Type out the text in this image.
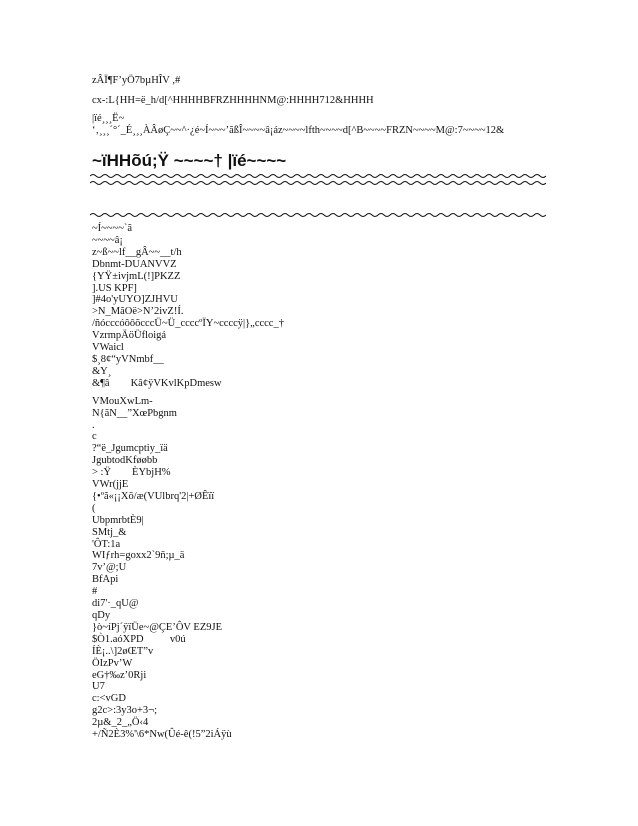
zÂÏ¶F’yÖ7bµHÎV ,#
cx-:L{HH=ë_h/d[^HHHHBFRZHHHHNM@:HHHH712&HHHH
|ïé¸¸¸Ë~
‘‚¸¸¸´°´_É¸¸¸ÀÂøÇ~~^·¿é~Í~~~’ãßÎ~~~~â¡áz~~~~lfth~~~~d[^B~~~~FRZN~~~~M@:7~~~~12&
~ïHHõú;Ÿ ~~~~† |ïé~~~~
~Í~~~~`ã
~~~~â¡
z~ß~~lf__gÂ~~__t/h
Dbnmt-DUANVVZ
{YŸ±ivjmL(!]PKZZ
].US KPF]
]#4o'yUYO]ZJHVU
>N_MãOë>N’2ivZ!Í.
/ñócccóôôõcccÜ~Ü_ccccºÏY~ccccÿ|}„cccc_†
VzrmpÄöÜfloigá
VWaicl
$¸8¢“yVNmbf__
&Y¸
&¶â        Kâ¢ÿVKvlKpDmesw
VMouXwLm-
N{ãN__”XœPbgnm
.
c
?“ë_Jgumcptiy_ïä
JgubtodKføøbb
> :Ÿ        ÈYbjH%
VWr(jjE
{•ºã«¡¡Xõ/æ(VUlbrq'2|+ØÊïï
(
UbpmrbtÈ9|
SMtj_&
'ÔT:1a
WIƒrh=goxx2`9ñ;µ_ä
7v’@;U
BfApi
#
di7'·_qU@
qDy
}ò~íPj´ÿïÜe~@ÇE’ÔV EZ9JE
$Ò1.aóXPD          v0ú
ÍÈ¡..\]2øŒT”v
ÖIzPv’W
eG†‰z’0Rji
U7
c:<vGD
g2c>:3y3o+3¬;
2µ&_2_„Ö‹4
+/Ñ2È3%'\6*Nw(Ûé-ê(!5”2iÁÿù
